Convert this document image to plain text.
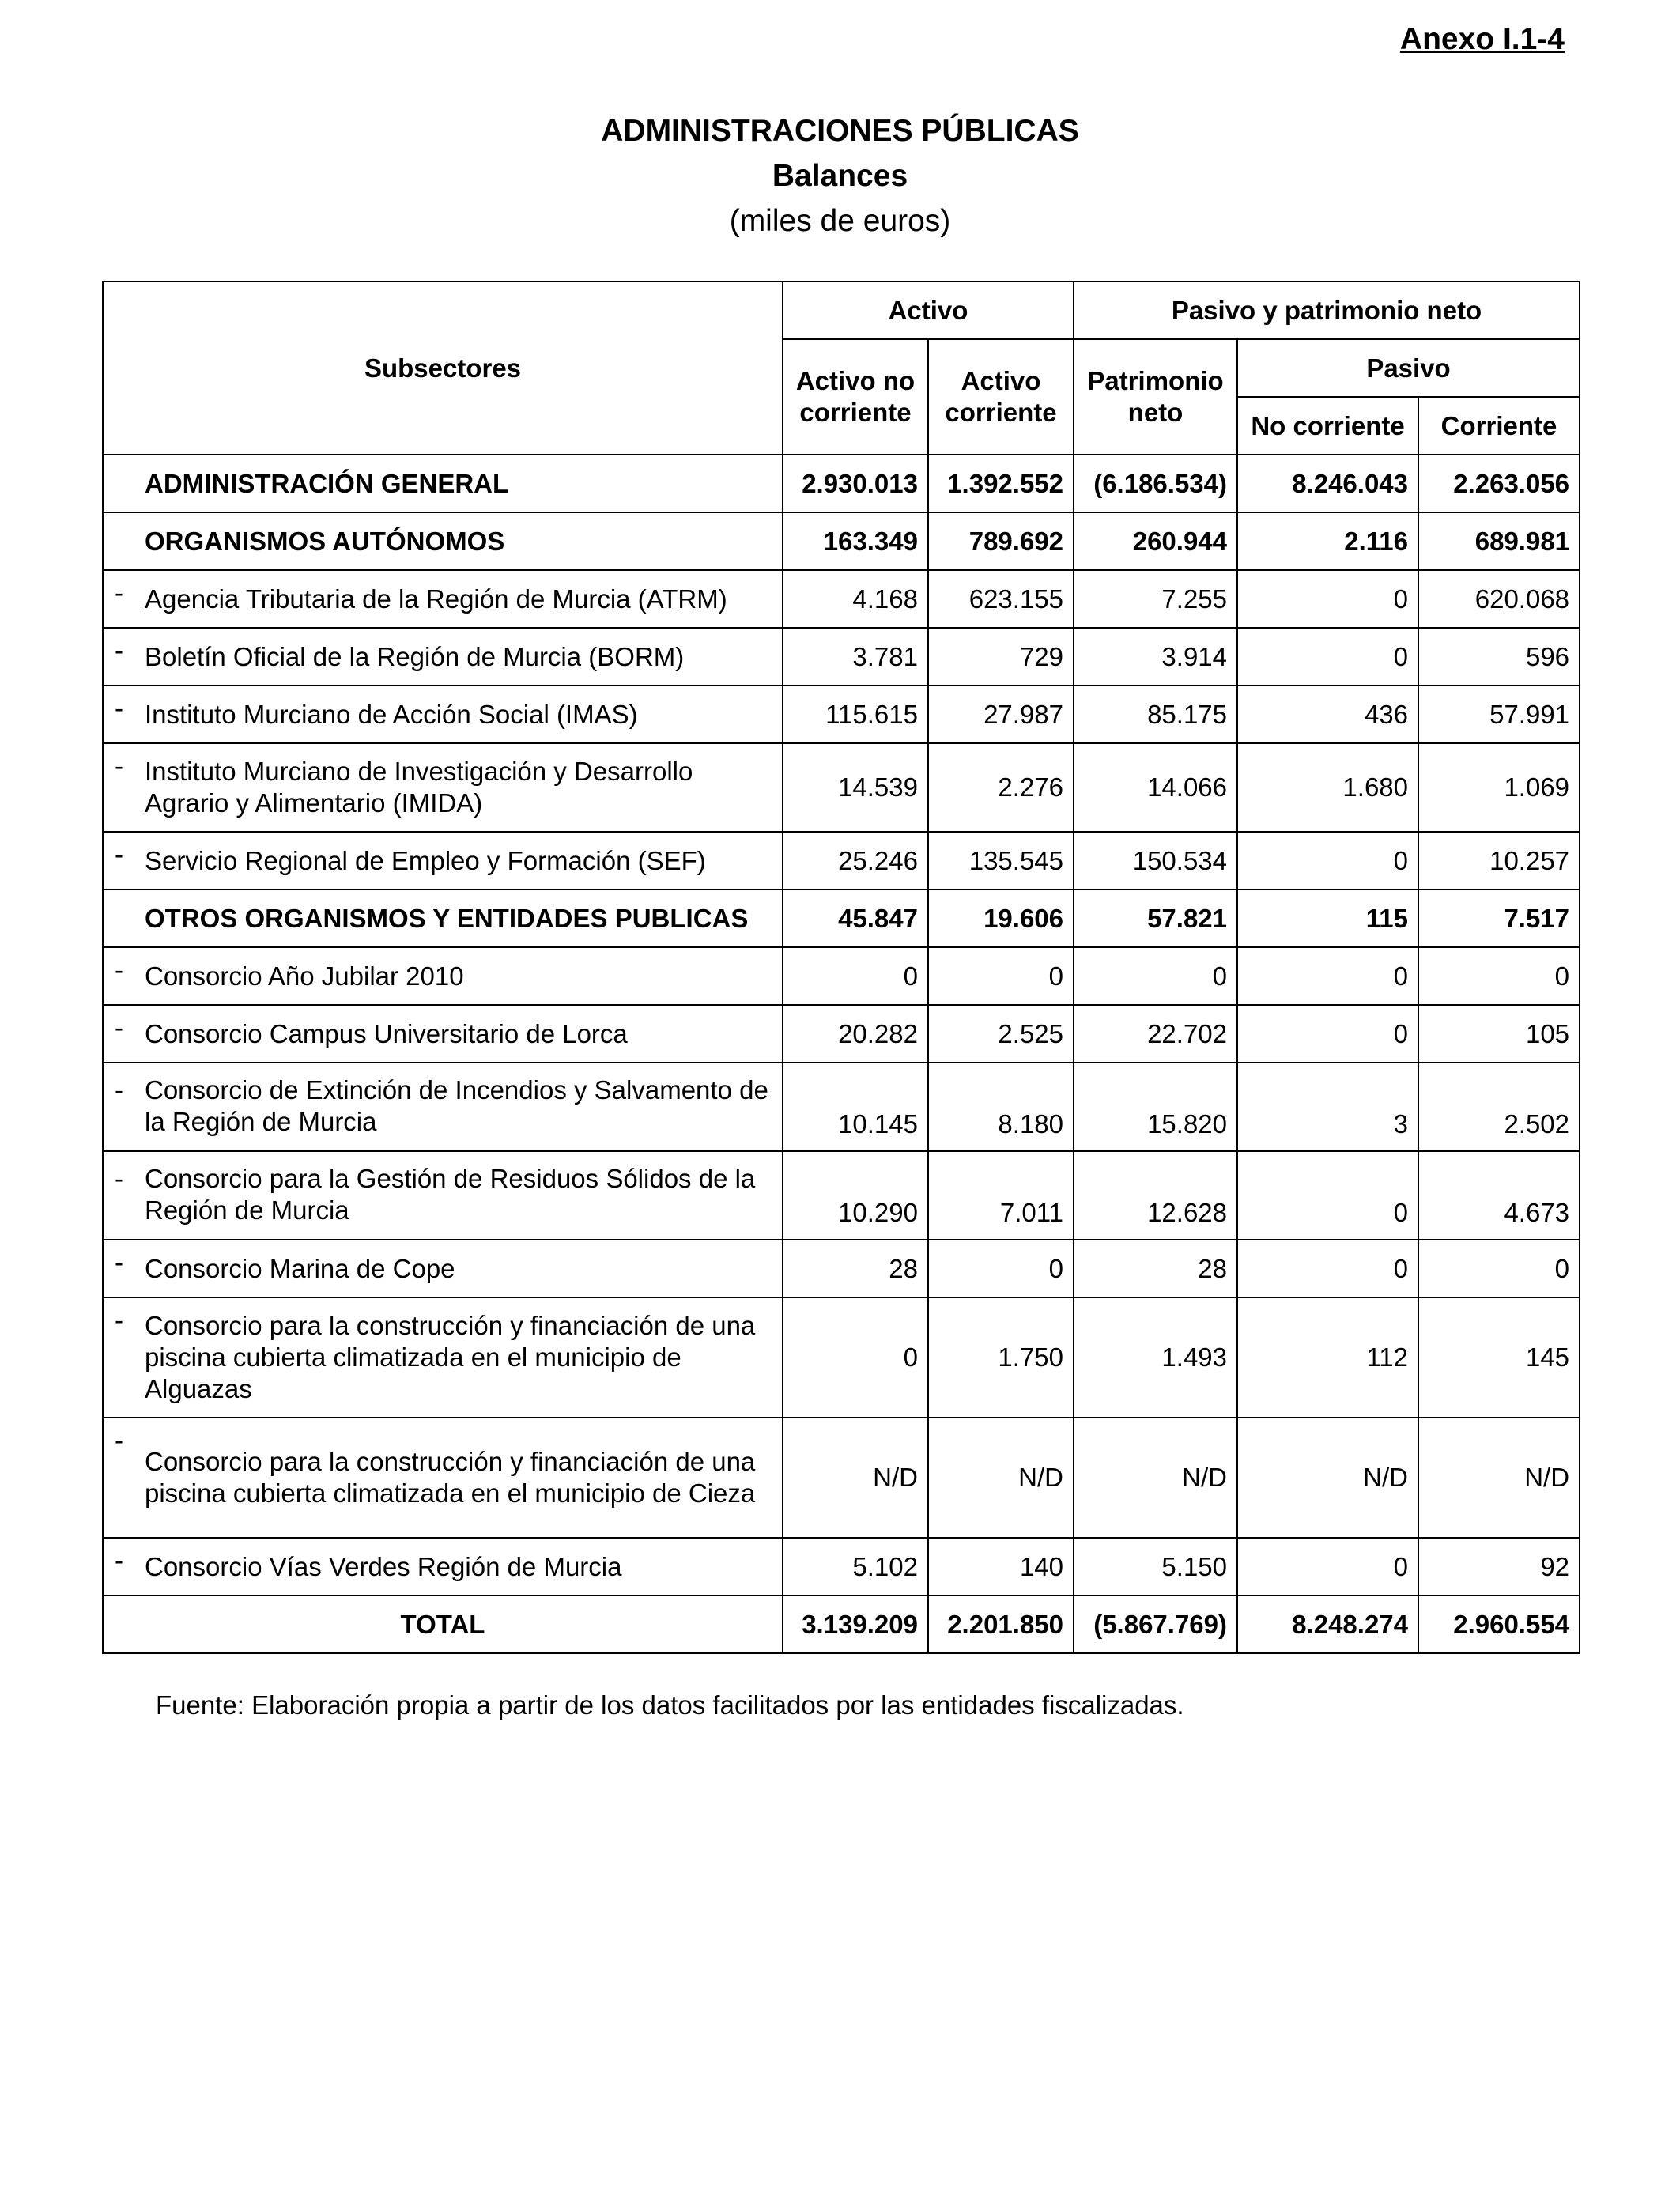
Anexo I.1-4
ADMINISTRACIONES PÚBLICAS
Balances
(miles de euros)
Subsectores	Activo		Pasivo y patrimonio neto		
	Activo no corriente	Activo corriente	Patrimonio neto	Pasivo	
				No corriente	Corriente
ADMINISTRACIÓN GENERAL	2.930.013	1.392.552	(6.186.534)	8.246.043	2.263.056
ORGANISMOS AUTÓNOMOS	163.349	789.692	260.944	2.116	689.981

- Agencia Tributaria de la Región de Murcia (ATRM)	4.168	623.155	7.255	0	620.068

- Boletín Oficial de la Región de Murcia (BORM)	3.781	729	3.914	0	596

- Instituto Murciano de Acción Social (IMAS)	115.615	27.987	85.175	436	57.991

- Instituto Murciano de Investigación y Desarrollo Agrario y Alimentario (IMIDA)	14.539	2.276	14.066	1.680	1.069

- Servicio Regional de Empleo y Formación (SEF)	25.246	135.545	150.534	0	10.257
OTROS ORGANISMOS Y ENTIDADES PUBLICAS	45.847	19.606	57.821	115	7.517

- Consorcio Año Jubilar 2010	0	0	0	0	0

- Consorcio Campus Universitario de Lorca	20.282	2.525	22.702	0	105

- Consorcio de Extinción de Incendios y Salvamento de la Región de Murcia	10.145	8.180	15.820	3	2.502

- Consorcio para la Gestión de Residuos Sólidos de la Región de Murcia	10.290	7.011	12.628	0	4.673

- Consorcio Marina de Cope	28	0	28	0	0

- Consorcio para la construcción y financiación de una piscina cubierta climatizada en el municipio de Alguazas	0	1.750	1.493	112	145

-
Consorcio para la construcción y financiación de una piscina cubierta climatizada en el municipio de Cieza	N/D	N/D	N/D	N/D	N/D

- Consorcio Vías Verdes Región de Murcia	5.102	140	5.150	0	92
TOTAL	3.139.209	2.201.850	(5.867.769)	8.248.274	2.960.554
Fuente: Elaboración propia a partir de los datos facilitados por las entidades fiscalizadas.
